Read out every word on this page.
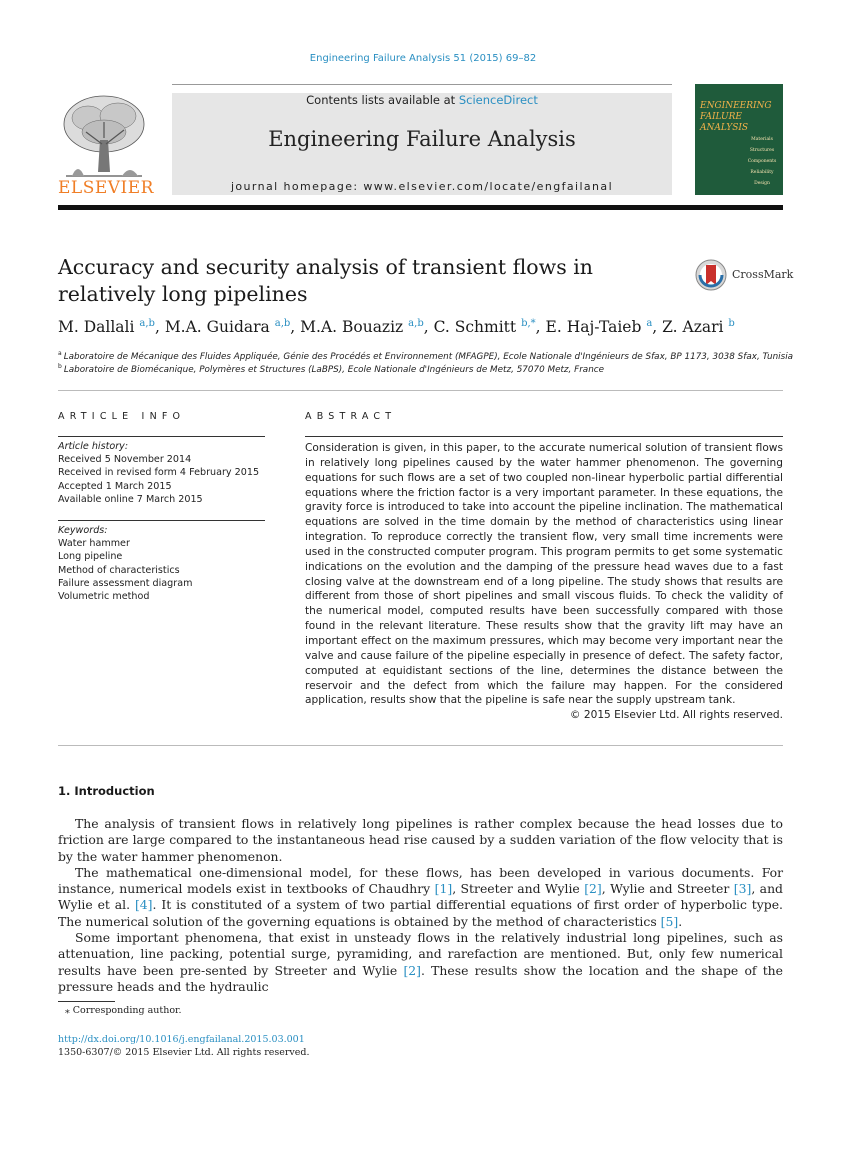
Engineering Failure Analysis 51 (2015) 69–82
Contents lists available at ScienceDirect
Engineering Failure Analysis
journal homepage: www.elsevier.com/locate/engfailanal
ELSEVIER
ENGINEERING
FAILURE
ANALYSIS
Materials
Structures
Components
Reliability
Design
Accuracy and security analysis of transient flows in relatively long pipelines
CrossMark
M. Dallali $^{a,b}$, M.A. Guidara $^{a,b}$, M.A. Bouaziz $^{a,b}$, C. Schmitt $^{b,*}$, E. Haj-Taieb $^a$, Z. Azari $^b$
$^a$ Laboratoire de Mécanique des Fluides Appliquée, Génie des Procédés et Environnement (MFAGPE), Ecole Nationale d'Ingénieurs de Sfax, BP 1173, 3038 Sfax, Tunisia
$^b$ Laboratoire de Biomécanique, Polymères et Structures (LaBPS), Ecole Nationale d'Ingénieurs de Metz, 57070 Metz, France
ARTICLE INFO
Article history:
Received 5 November 2014
Received in revised form 4 February 2015
Accepted 1 March 2015
Available online 7 March 2015
Keywords:
Water hammer
Long pipeline
Method of characteristics
Failure assessment diagram
Volumetric method
ABSTRACT
Consideration is given, in this paper, to the accurate numerical solution of transient flows in relatively long pipelines caused by the water hammer phenomenon. The governing equations for such flows are a set of two coupled non-linear hyperbolic partial differential equations where the friction factor is a very important parameter. In these equations, the gravity force is introduced to take into account the pipeline inclination. The mathematical equations are solved in the time domain by the method of characteristics using linear integration. To reproduce correctly the transient flow, very small time increments were used in the constructed computer program. This program permits to get some systematic indications on the evolution and the damping of the pressure head waves due to a fast closing valve at the downstream end of a long pipeline. The study shows that results are different from those of short pipelines and small viscous fluids. To check the validity of the numerical model, computed results have been successfully compared with those found in the relevant literature. These results show that the gravity lift may have an important effect on the maximum pressures, which may become very important near the valve and cause failure of the pipeline especially in presence of defect. The safety factor, computed at equidistant sections of the line, determines the distance between the reservoir and the defect from which the failure may happen. For the considered application, results show that the pipeline is safe near the supply upstream tank.
© 2015 Elsevier Ltd. All rights reserved.
1. Introduction

The analysis of transient flows in relatively long pipelines is rather complex because the head losses due to friction are large compared to the instantaneous head rise caused by a sudden variation of the flow velocity that is by the water hammer phenomenon.

The mathematical one-dimensional model, for these flows, has been developed in various documents. For instance, numerical models exist in textbooks of Chaudhry [1], Streeter and Wylie [2], Wylie and Streeter [3], and Wylie et al. [4]. It is constituted of a system of two partial differential equations of first order of hyperbolic type. The numerical solution of the governing equations is obtained by the method of characteristics [5].

Some important phenomena, that exist in unsteady flows in the relatively industrial long pipelines, such as attenuation, line packing, potential surge, pyramiding, and rarefaction are mentioned. But, only few numerical results have been pre-sented by Streeter and Wylie [2]. These results show the location and the shape of the pressure heads and the hydraulic

⁎ Corresponding author.
http://dx.doi.org/10.1016/j.engfailanal.2015.03.001
1350-6307/© 2015 Elsevier Ltd. All rights reserved.
